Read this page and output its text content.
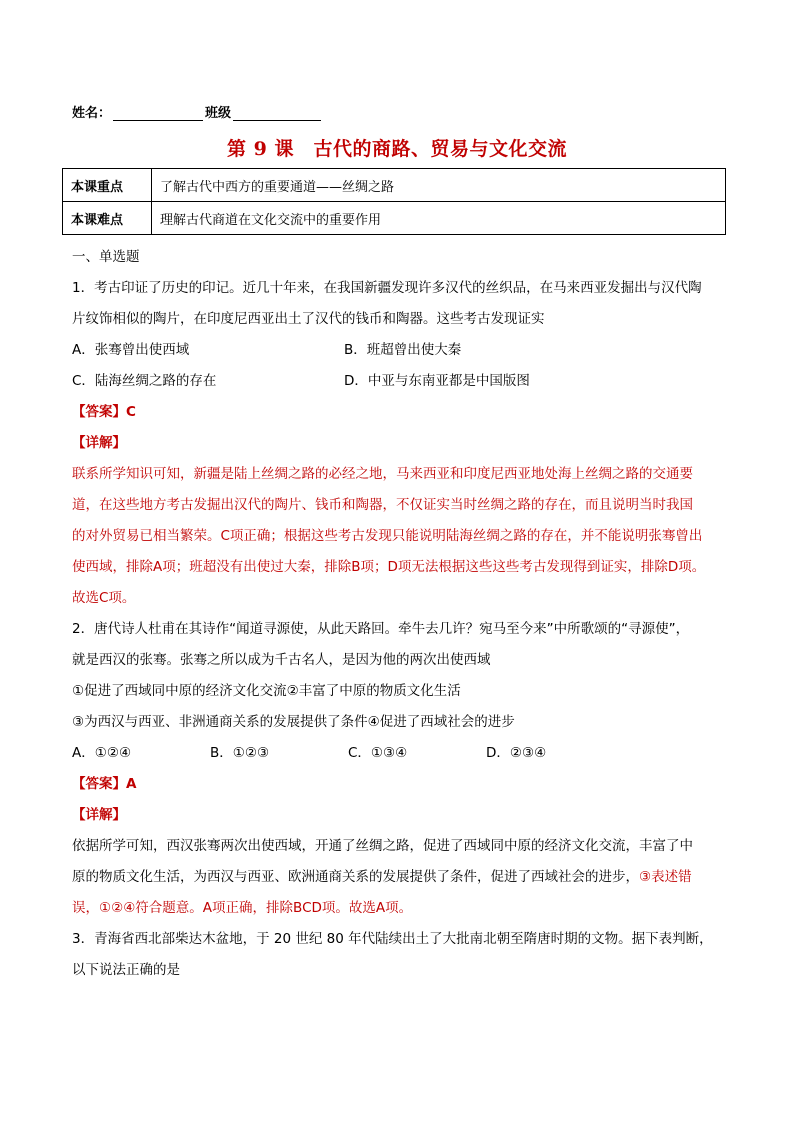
姓名：	班级
第 9 课　古代的商路、贸易与文化交流
本课重点	了解古代中西方的重要通道——丝绸之路
本课难点	理解古代商道在文化交流中的重要作用

一、单选题

1．考古印证了历史的印记。近几十年来，在我国新疆发现许多汉代的丝织品，在马来西亚发掘出与汉代陶

片纹饰相似的陶片，在印度尼西亚出土了汉代的钱币和陶器。这些考古发现证实

A．张骞曾出使西域	B．班超曾出使大秦
C．陆海丝绸之路的存在	D．中亚与东南亚都是中国版图

【答案】C

【详解】

联系所学知识可知，新疆是陆上丝绸之路的必经之地，马来西亚和印度尼西亚地处海上丝绸之路的交通要

道，在这些地方考古发掘出汉代的陶片、钱币和陶器，不仅证实当时丝绸之路的存在，而且说明当时我国

的对外贸易已相当繁荣。C项正确；根据这些考古发现只能说明陆海丝绸之路的存在，并不能说明张骞曾出

使西域，排除A项；班超没有出使过大秦，排除B项；D项无法根据这些这些考古发现得到证实，排除D项。

故选C项。

2．唐代诗人杜甫在其诗作“闻道寻源使，从此天路回。牵牛去几许？宛马至今来”中所歌颂的“寻源使”，

就是西汉的张骞。张骞之所以成为千古名人，是因为他的两次出使西域

①促进了西域同中原的经济文化交流②丰富了中原的物质文化生活

③为西汉与西亚、非洲通商关系的发展提供了条件④促进了西域社会的进步

A．①②④	B．①②③	C．①③④	D．②③④

【答案】A

【详解】

依据所学可知，西汉张骞两次出使西域，开通了丝绸之路，促进了西域同中原的经济文化交流，丰富了中

原的物质文化生活，为西汉与西亚、欧洲通商关系的发展提供了条件，促进了西域社会的进步，③表述错

误，①②④符合题意。A项正确，排除BCD项。故选A项。

3．青海省西北部柴达木盆地，于 20 世纪 80 年代陆续出土了大批南北朝至隋唐时期的文物。据下表判断，

以下说法正确的是
